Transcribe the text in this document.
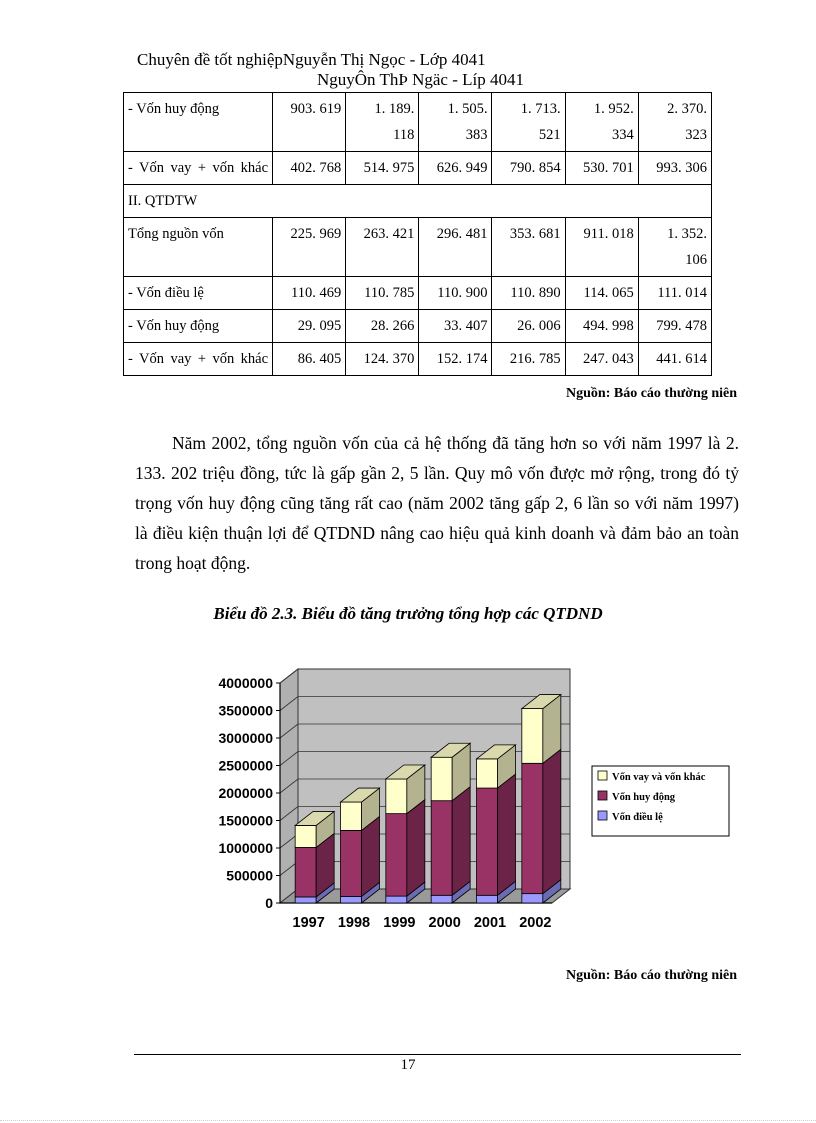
Chuyên đề tốt nghiệpNguyễn Thị Ngọc - Lớp 4041
NguyÔn ThÞ Ngäc - Líp 4041
- Vốn huy động	903. 619	1. 189. 118	1. 505. 383	1. 713. 521	1. 952. 334	2. 370. 323

- Vốn vay + vốn khác	402. 768	514. 975	626. 949	790. 854	530. 701	993. 306
II. QTDTW						
Tổng nguồn vốn	225. 969	263. 421	296. 481	353. 681	911. 018	1. 352. 106
- Vốn điều lệ	110. 469	110. 785	110. 900	110. 890	114. 065	111. 014
- Vốn huy động	29. 095	28. 266	33. 407	26. 006	494. 998	799. 478

- Vốn vay + vốn khác	86. 405	124. 370	152. 174	216. 785	247. 043	441. 614
Nguồn: Báo cáo thường niên

Năm 2002, tổng nguồn vốn của cả hệ thống đã tăng hơn so với năm 1997 là 2. 133. 202 triệu đồng, tức là gấp gần 2, 5 lần. Quy mô vốn được mở rộng, trong đó tỷ trọng vốn huy động cũng tăng rất cao (năm 2002 tăng gấp 2, 6 lần so với năm 1997) là điều kiện thuận lợi để QTDND nâng cao hiệu quả kinh doanh và đảm bảo an toàn trong hoạt động.

Biểu đồ 2.3. Biểu đồ tăng trưởng tổng hợp các QTDND
4000000
3500000
3000000
2500000
2000000
1500000
1000000
500000
0
1997 1998 1999 2000 2001 2002
Vốn vay và vốn khác
Vốn huy động
Vốn điều lệ
Nguồn: Báo cáo thường niên
17
